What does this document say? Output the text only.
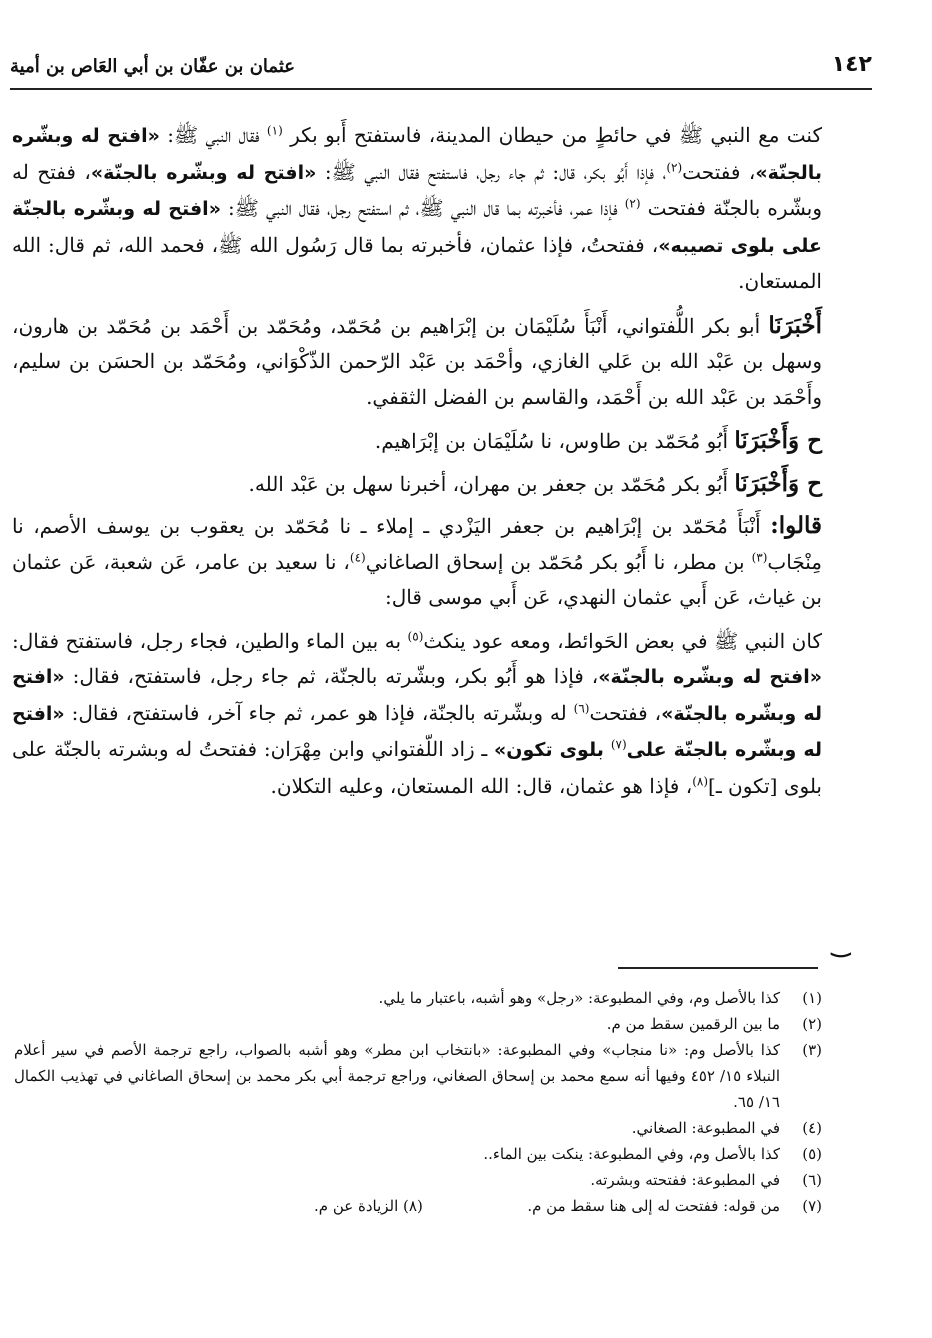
١٤٢
عثمان بن عفّان بن أبي العَاص بن أمية

كنت مع النبي ﷺ في حائطٍ من حيطان المدينة، فاستفتح أَبو بكر $^{(١)}$ فقال النبي ﷺ: «افتح له وبشّره بالجنّة»، ففتحت$^{(٢)}$، فإذا أَبُو بكر، قال: ثم جاء رجل، فاستفتح فقال النبي ﷺ: «افتح له وبشّره بالجنّة»، ففتح له وبشّره بالجنّة ففتحت $^{(٢)}$ فإذا عمر، فأخبرته بما قال النبي ﷺ، ثم استفتح رجل، فقال النبي ﷺ: «افتح له وبشّره بالجنّة على بلوى تصيبه»، ففتحتُ، فإذا عثمان، فأخبرته بما قال رَسُول الله ﷺ، فحمد الله، ثم قال: الله المستعان.

أَخْبَرَنَا أبو بكر اللُّفتواني، أَنْبَأَ سُلَيْمَان بن إبْرَاهيم بن مُحَمّد، ومُحَمّد بن أَحْمَد بن مُحَمّد بن هارون، وسهل بن عَبْد الله بن عَلي الغازي، وأحْمَد بن عَبْد الرّحمن الذّكْوَاني، ومُحَمّد بن الحسَن بن سليم، وأَحْمَد بن عَبْد الله بن أَحْمَد، والقاسم بن الفضل الثقفي.

ح وَأَخْبَرَنَا أَبُو مُحَمّد بن طاوس، نا سُلَيْمَان بن إبْرَاهيم.

ح وَأَخْبَرَنَا أَبُو بكر مُحَمّد بن جعفر بن مهران، أخبرنا سهل بن عَبْد الله.

قالوا: أَنْبَأَ مُحَمّد بن إبْرَاهيم بن جعفر اليَزْدي ـ إملاء ـ نا مُحَمّد بن يعقوب بن يوسف الأصم، نا مِنْجَاب$^{(٣)}$ بن مطر، نا أَبُو بكر مُحَمّد بن إسحاق الصاغاني$^{(٤)}$، نا سعيد بن عامر، عَن شعبة، عَن عثمان بن غياث، عَن أَبي عثمان النهدي، عَن أَبي موسى قال:

كان النبي ﷺ في بعض الحَوائط، ومعه عود ينكث$^{(٥)}$ به بين الماء والطين، فجاء رجل، فاستفتح فقال: «افتح له وبشّره بالجنّة»، فإذا هو أَبُو بكر، وبشّرته بالجنّة، ثم جاء رجل، فاستفتح، فقال: «افتح له وبشّره بالجنّة»، ففتحت$^{(٦)}$ له وبشّرته بالجنّة، فإذا هو عمر، ثم جاء آخر، فاستفتح، فقال: «افتح له وبشّره بالجنّة على$^{(٧)}$ بلوى تكون» ـ زاد اللّفتواني وابن مِهْرَان: ففتحتُ له وبشرته بالجنّة على بلوى [تكون ـ]$^{(٨)}$، فإذا هو عثمان، قال: الله المستعان، وعليه التكلان.

‿
(١)
كذا بالأصل وم، وفي المطبوعة: «رجل» وهو أشبه، باعتبار ما يلي.
(٢)
ما بين الرقمين سقط من م.
(٣)
كذا بالأصل وم: «نا منجاب» وفي المطبوعة: «بانتخاب ابن مطر» وهو أشبه بالصواب، راجع ترجمة الأصم في سير أعلام النبلاء ١٥/ ٤٥٢ وفيها أنه سمع محمد بن إسحاق الصغاني، وراجع ترجمة أبي بكر محمد بن إسحاق الصاغاني في تهذيب الكمال ١٦/ ٦٥.
(٤)
في المطبوعة: الصغاني.
(٥)
كذا بالأصل وم، وفي المطبوعة: ينكت بين الماء..
(٦)
في المطبوعة: ففتحته وبشرته.
(٧)
من قوله: ففتحت له إلى هنا سقط من م.
(٨) الزيادة عن م.
